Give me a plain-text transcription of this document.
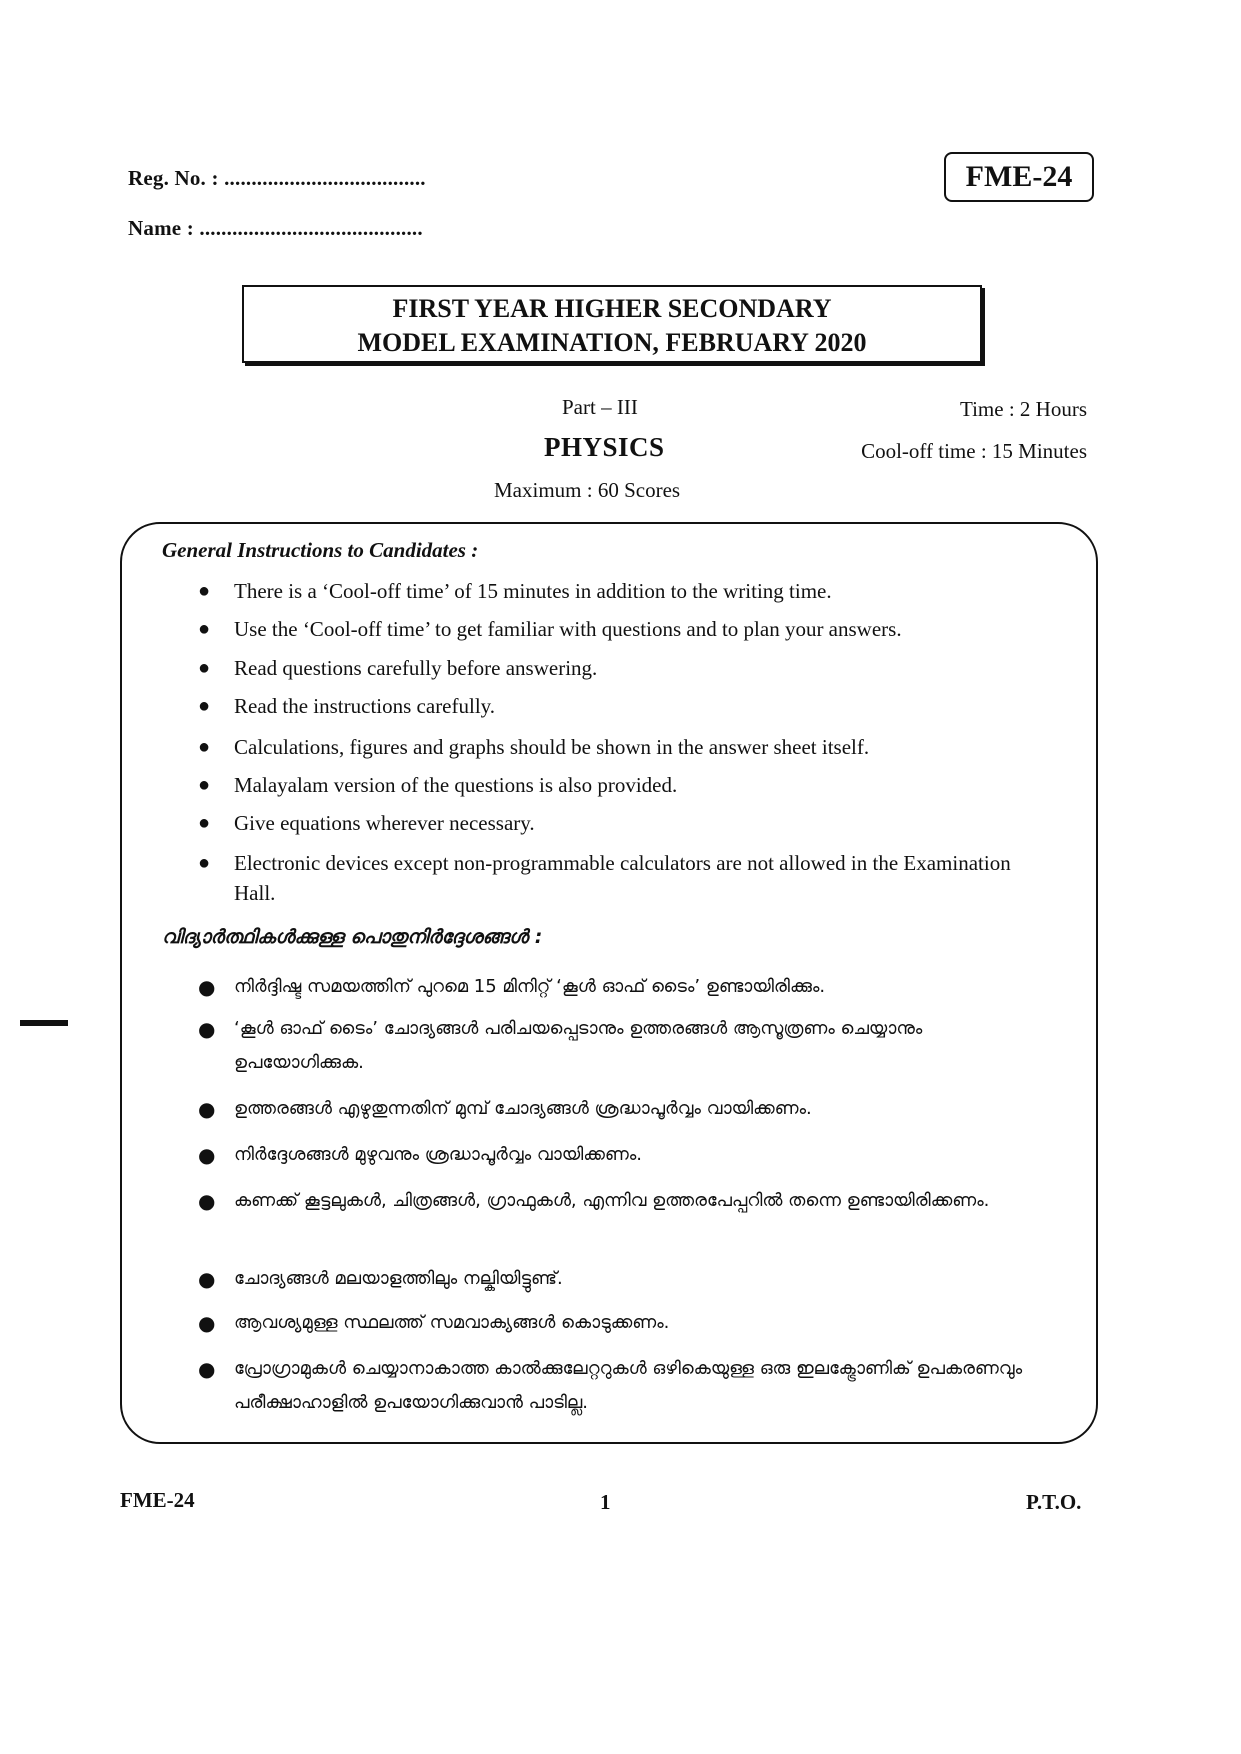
Reg. No. : .....................................
Name : .........................................
FME-24
FIRST YEAR HIGHER SECONDARY
MODEL EXAMINATION, FEBRUARY 2020
Part – III
PHYSICS
Maximum : 60 Scores
Time : 2 Hours
Cool-off time : 15 Minutes
General Instructions to Candidates :
● There is a ‘Cool-off time’ of 15 minutes in addition to the writing time.
● Use the ‘Cool-off time’ to get familiar with questions and to plan your answers.
● Read questions carefully before answering.
● Read the instructions carefully.
● Calculations, figures and graphs should be shown in the answer sheet itself.
● Malayalam version of the questions is also provided.
● Give equations wherever necessary.
● Electronic devices except non-programmable calculators are not allowed in the Examination Hall.
വിദ്യാർത്ഥികൾക്കുള്ള പൊതുനിർദ്ദേശങ്ങൾ :
● നിർദ്ദിഷ്ട സമയത്തിന് പുറമെ 15 മിനിറ്റ് ‘കൂൾ ഓഫ് ടൈം’ ഉണ്ടായിരിക്കും.
● ‘കൂൾ ഓഫ് ടൈം’ ചോദ്യങ്ങൾ പരിചയപ്പെടാനും ഉത്തരങ്ങൾ ആസൂത്രണം ചെയ്യാനും ഉപയോഗിക്കുക.
● ഉത്തരങ്ങൾ എഴുതുന്നതിന് മുമ്പ് ചോദ്യങ്ങൾ ശ്രദ്ധാപൂർവ്വം വായിക്കണം.
● നിർദ്ദേശങ്ങൾ മുഴുവനും ശ്രദ്ധാപൂർവ്വം വായിക്കണം.
● കണക്ക് കൂട്ടലുകൾ, ചിത്രങ്ങൾ, ഗ്രാഫുകൾ, എന്നിവ ഉത്തരപേപ്പറിൽ തന്നെ ഉണ്ടായിരിക്കണം.
● ചോദ്യങ്ങൾ മലയാളത്തിലും നല്കിയിട്ടുണ്ട്.
● ആവശ്യമുള്ള സ്ഥലത്ത് സമവാക്യങ്ങൾ കൊടുക്കണം.
● പ്രോഗ്രാമുകൾ ചെയ്യാനാകാത്ത കാൽക്കുലേറ്ററുകൾ ഒഴികെയുള്ള ഒരു ഇലക്ട്രോണിക് ഉപകരണവും പരീക്ഷാഹാളിൽ ഉപയോഗിക്കുവാൻ പാടില്ല.
FME-24	1	P.T.O.
